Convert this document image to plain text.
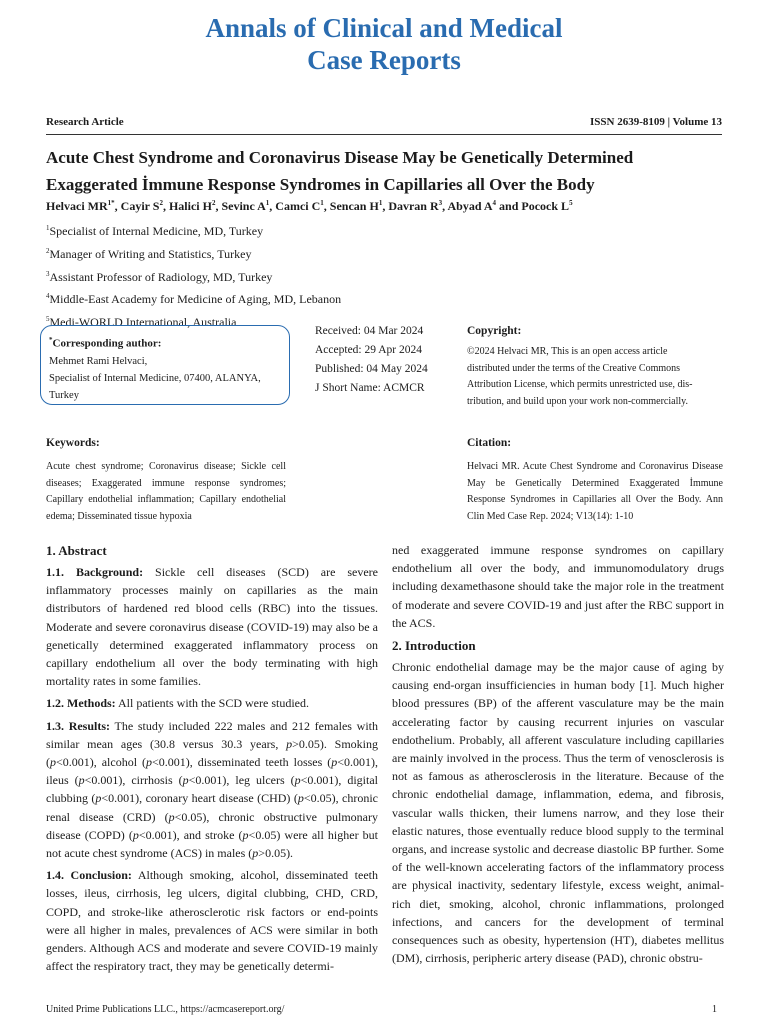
Annals of Clinical and Medical
Case Reports
Research Article	ISSN 2639-8109 | Volume 13
Acute Chest Syndrome and Coronavirus Disease May be Genetically Determined
Exaggerated İmmune Response Syndromes in Capillaries all Over the Body
Helvaci $MR^{1*}$, Cayir $S^2$, Halici $H^2$, Sevinc $A^1$, Camci $C^1$, Sencan $H^1$, Davran $R^3$, Abyad $A^4$ and Pocock $L^5$
$^1$Specialist of Internal Medicine, MD, Turkey
$^2$Manager of Writing and Statistics, Turkey
$^3$Assistant Professor of Radiology, MD, Turkey
$^4$Middle-East Academy for Medicine of Aging, MD, Lebanon
$^5$Medi-WORLD International, Australia
*Corresponding author:
Mehmet Rami Helvaci,
Specialist of Internal Medicine, 07400, ALANYA,
Turkey
Received: 04 Mar 2024
Accepted: 29 Apr 2024
Published: 04 May 2024
J Short Name: ACMCR
Copyright:
©2024 Helvaci MR, This is an open access article
distributed under the terms of the Creative Commons
Attribution License, which permits unrestricted use, dis-
tribution, and build upon your work non-commercially.
Keywords:
Acute chest syndrome; Coronavirus disease; Sickle cell diseases; Exaggerated immune response syndromes; Capillary endothelial inflammation; Capillary endothelial edema; Disseminated tissue hypoxia
Citation:
Helvaci MR. Acute Chest Syndrome and Coronavirus Disease May be Genetically Determined Exaggerated İmmune Response Syndromes in Capillaries all Over the Body. Ann Clin Med Case Rep. 2024; V13(14): 1-10
1. Abstract

1.1. Background: Sickle cell diseases (SCD) are severe inflammatory processes mainly on capillaries as the main distributors of hardened red blood cells (RBC) into the tissues. Moderate and severe coronavirus disease (COVID-19) may also be a genetically determined exaggerated inflammatory process on capillary endothelium all over the body terminating with high mortality rates in some families.

1.2. Methods: All patients with the SCD were studied.

1.3. Results: The study included 222 males and 212 females with similar mean ages (30.8 versus 30.3 years, p>0.05). Smoking (p<0.001), alcohol (p<0.001), disseminated teeth losses (p<0.001), ileus (p<0.001), cirrhosis (p<0.001), leg ulcers (p<0.001), digital clubbing (p<0.001), coronary heart disease (CHD) (p<0.05), chronic renal disease (CRD) (p<0.05), chronic obstructive pulmonary disease (COPD) (p<0.001), and stroke (p<0.05) were all higher but not acute chest syndrome (ACS) in males (p>0.05).

1.4. Conclusion: Although smoking, alcohol, disseminated teeth losses, ileus, cirrhosis, leg ulcers, digital clubbing, CHD, CRD, COPD, and stroke-like atherosclerotic risk factors or end-points were all higher in males, prevalences of ACS were similar in both genders. Although ACS and moderate and severe COVID-19 mainly affect the respiratory tract, they may be genetically determi-

ned exaggerated immune response syndromes on capillary endothelium all over the body, and immunomodulatory drugs including dexamethasone should take the major role in the treatment of moderate and severe COVID-19 and just after the RBC support in the ACS.

2. Introduction

Chronic endothelial damage may be the major cause of aging by causing end-organ insufficiencies in human body [1]. Much higher blood pressures (BP) of the afferent vasculature may be the main accelerating factor by causing recurrent injuries on vascular endothelium. Probably, all afferent vasculature including capillaries are mainly involved in the process. Thus the term of venosclerosis is not as famous as atherosclerosis in the literature. Because of the chronic endothelial damage, inflammation, edema, and fibrosis, vascular walls thicken, their lumens narrow, and they lose their elastic natures, those eventually reduce blood supply to the terminal organs, and increase systolic and decrease diastolic BP further. Some of the well-known accelerating factors of the inflammatory process are physical inactivity, sedentary lifestyle, excess weight, animal-rich diet, smoking, alcohol, chronic inflammations, prolonged infections, and cancers for the development of terminal consequences such as obesity, hypertension (HT), diabetes mellitus (DM), cirrhosis, peripheric artery disease (PAD), chronic obstru-

United Prime Publications LLC., https://acmcasereport.org/	1
